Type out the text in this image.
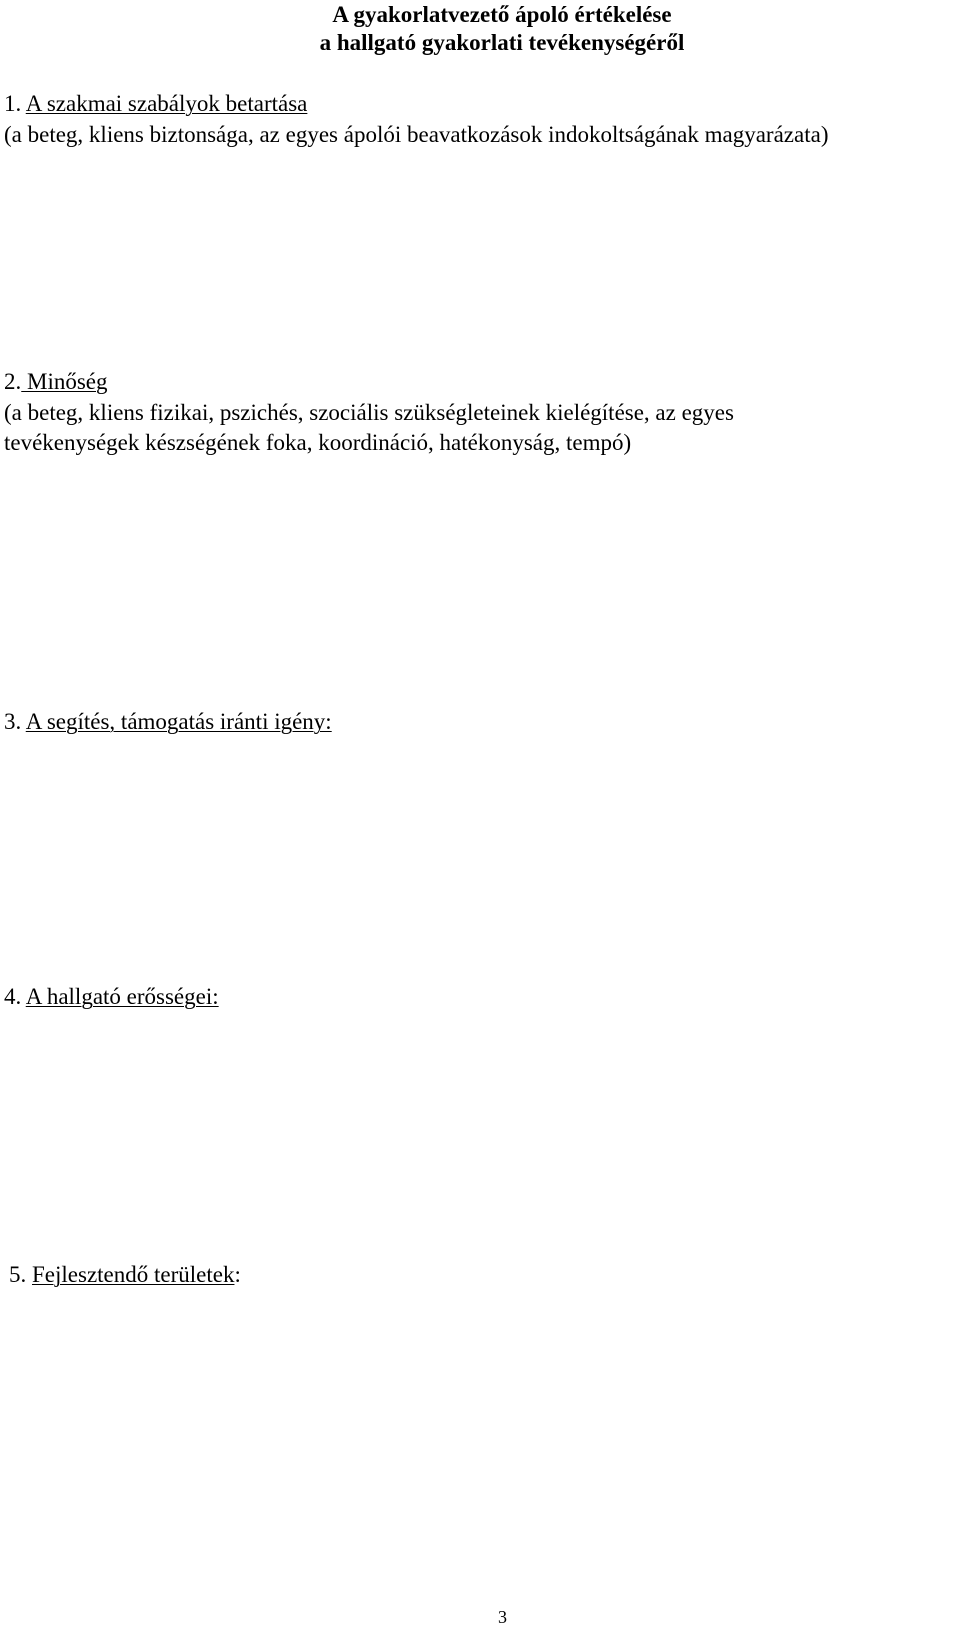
A gyakorlatvezető ápoló értékelése
a hallgató gyakorlati tevékenységéről
1. A szakmai szabályok betartása
(a beteg, kliens biztonsága, az egyes ápolói beavatkozások indokoltságának magyarázata)
2. Minőség
(a beteg, kliens fizikai, pszichés, szociális szükségleteinek kielégítése, az egyes
tevékenységek készségének foka, koordináció, hatékonyság, tempó)
3. A segítés, támogatás iránti igény:
4. A hallgató erősségei:
5. Fejlesztendő területek:
3
